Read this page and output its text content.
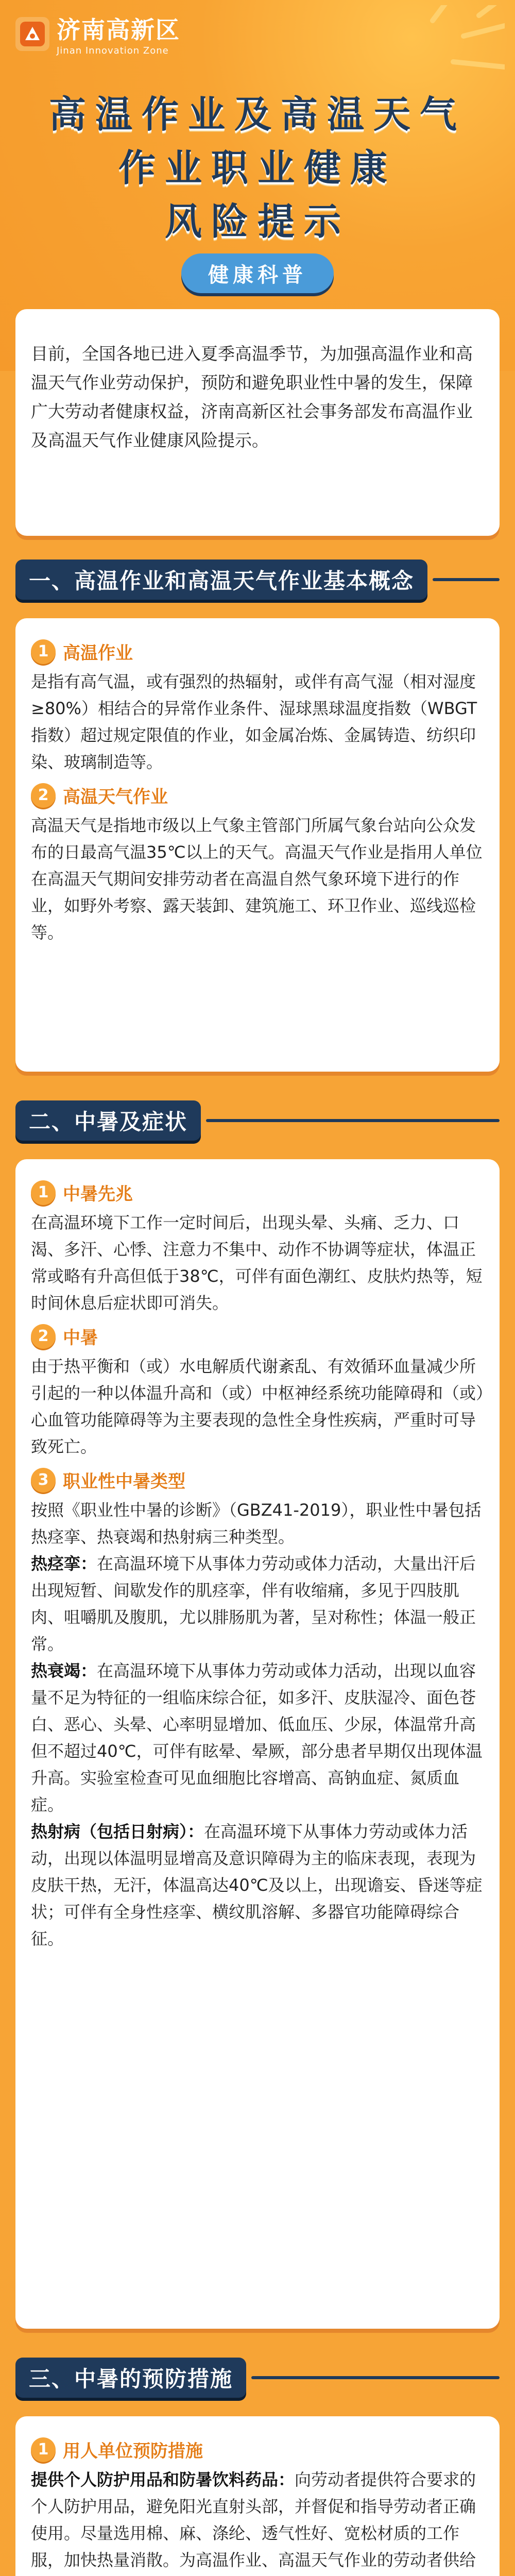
济南高新区
Jinan Innovation Zone
高温作业及高温天气
作业职业健康
风险提示
健康科普

目前，全国各地已进入夏季高温季节，为加强高温作业和高温天气作业劳动保护，预防和避免职业性中暑的发生，保障广大劳动者健康权益，济南高新区社会事务部发布高温作业及高温天气作业健康风险提示。

一、高温作业和高温天气作业基本概念
1 高温作业

是指有高气温，或有强烈的热辐射，或伴有高气湿（相对湿度≥80%）相结合的异常作业条件、湿球黑球温度指数（WBGT指数）超过规定限值的作业，如金属冶炼、金属铸造、纺织印染、玻璃制造等。

2 高温天气作业

高温天气是指地市级以上气象主管部门所属气象台站向公众发布的日最高气温35℃以上的天气。高温天气作业是指用人单位在高温天气期间安排劳动者在高温自然气象环境下进行的作业，如野外考察、露天装卸、建筑施工、环卫作业、巡线巡检等。

二、中暑及症状
1 中暑先兆

在高温环境下工作一定时间后，出现头晕、头痛、乏力、口渴、多汗、心悸、注意力不集中、动作不协调等症状，体温正常或略有升高但低于38℃，可伴有面色潮红、皮肤灼热等，短时间休息后症状即可消失。

2 中暑

由于热平衡和（或）水电解质代谢紊乱、有效循环血量减少所引起的一种以体温升高和（或）中枢神经系统功能障碍和（或）心血管功能障碍等为主要表现的急性全身性疾病，严重时可导致死亡。

3 职业性中暑类型

按照《职业性中暑的诊断》（GBZ41-2019），职业性中暑包括热痉挛、热衰竭和热射病三种类型。

热痉挛：在高温环境下从事体力劳动或体力活动，大量出汗后出现短暂、间歇发作的肌痉挛，伴有收缩痛，多见于四肢肌肉、咀嚼肌及腹肌，尤以腓肠肌为著，呈对称性；体温一般正常。

热衰竭：在高温环境下从事体力劳动或体力活动，出现以血容量不足为特征的一组临床综合征，如多汗、皮肤湿冷、面色苍白、恶心、头晕、心率明显增加、低血压、少尿，体温常升高但不超过40℃，可伴有眩晕、晕厥，部分患者早期仅出现体温升高。实验室检查可见血细胞比容增高、高钠血症、氮质血症。

热射病（包括日射病）：在高温环境下从事体力劳动或体力活动，出现以体温明显增高及意识障碍为主的临床表现，表现为皮肤干热，无汗，体温高达40℃及以上，出现谵妄、昏迷等症状；可伴有全身性痉挛、横纹肌溶解、多器官功能障碍综合征。

三、中暑的预防措施
1 用人单位预防措施

提供个人防护用品和防暑饮料药品：向劳动者提供符合要求的个人防护用品，避免阳光直射头部，并督促和指导劳动者正确使用。尽量选用棉、麻、涤纶、透气性好、宽松材质的工作服，加快热量消散。为高温作业、高温天气作业的劳动者供给
